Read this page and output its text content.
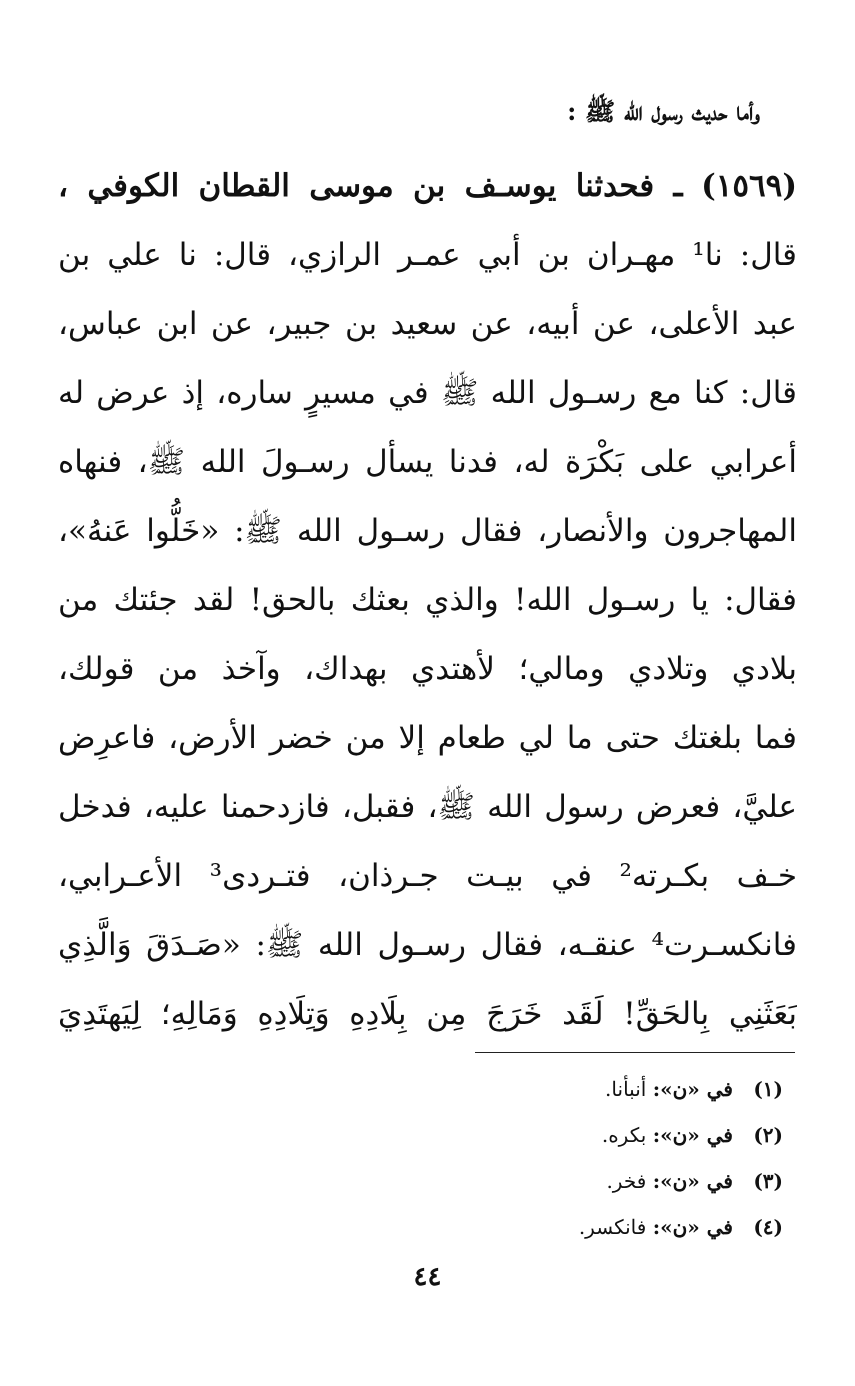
وأما حديث رسول الله ﷺ :
(١٥٦٩) ـ فحدثنا يوسـف بن موسى القطان الكوفي ،
قال: نا¹ مهـران بن أبي عمـر الرازي، قال: نا علي بن
عبد الأعلى، عن أبيه، عن سعيد بن جبير، عن ابن عباس،
قال: كنا مع رسـول الله ﷺ في مسيرٍ ساره، إذ عرض له
أعرابي على بَكْرَة له، فدنا يسأل رسـولَ الله ﷺ، فنهاه
المهاجرون والأنصار، فقال رسـول الله ﷺ: «خَلُّوا عَنهُ»،
فقال: يا رسـول الله! والذي بعثك بالحق! لقد جئتك من
بلادي وتلادي ومالي؛ لأهتدي بهداك، وآخذ من قولك،
فما بلغتك حتى ما لي طعام إلا من خضر الأرض، فاعرِض
عليَّ، فعرض رسول الله ﷺ، فقبل، فازدحمنا عليه، فدخل
خـف بكـرته² في بيـت جـرذان، فتـردى³ الأعـرابي،
فانكسـرت⁴ عنقـه، فقال رسـول الله ﷺ: «صَـدَقَ وَالَّذِي
بَعَثَنِي بِالحَقِّ! لَقَد خَرَجَ مِن بِلَادِهِ وَتِلَادِهِ وَمَالِهِ؛ لِيَهتَدِيَ
(١) في «ن»: أنبأنا.
(٢) في «ن»: بكره.
(٣) في «ن»: فخر.
(٤) في «ن»: فانكسر.
٤٤
